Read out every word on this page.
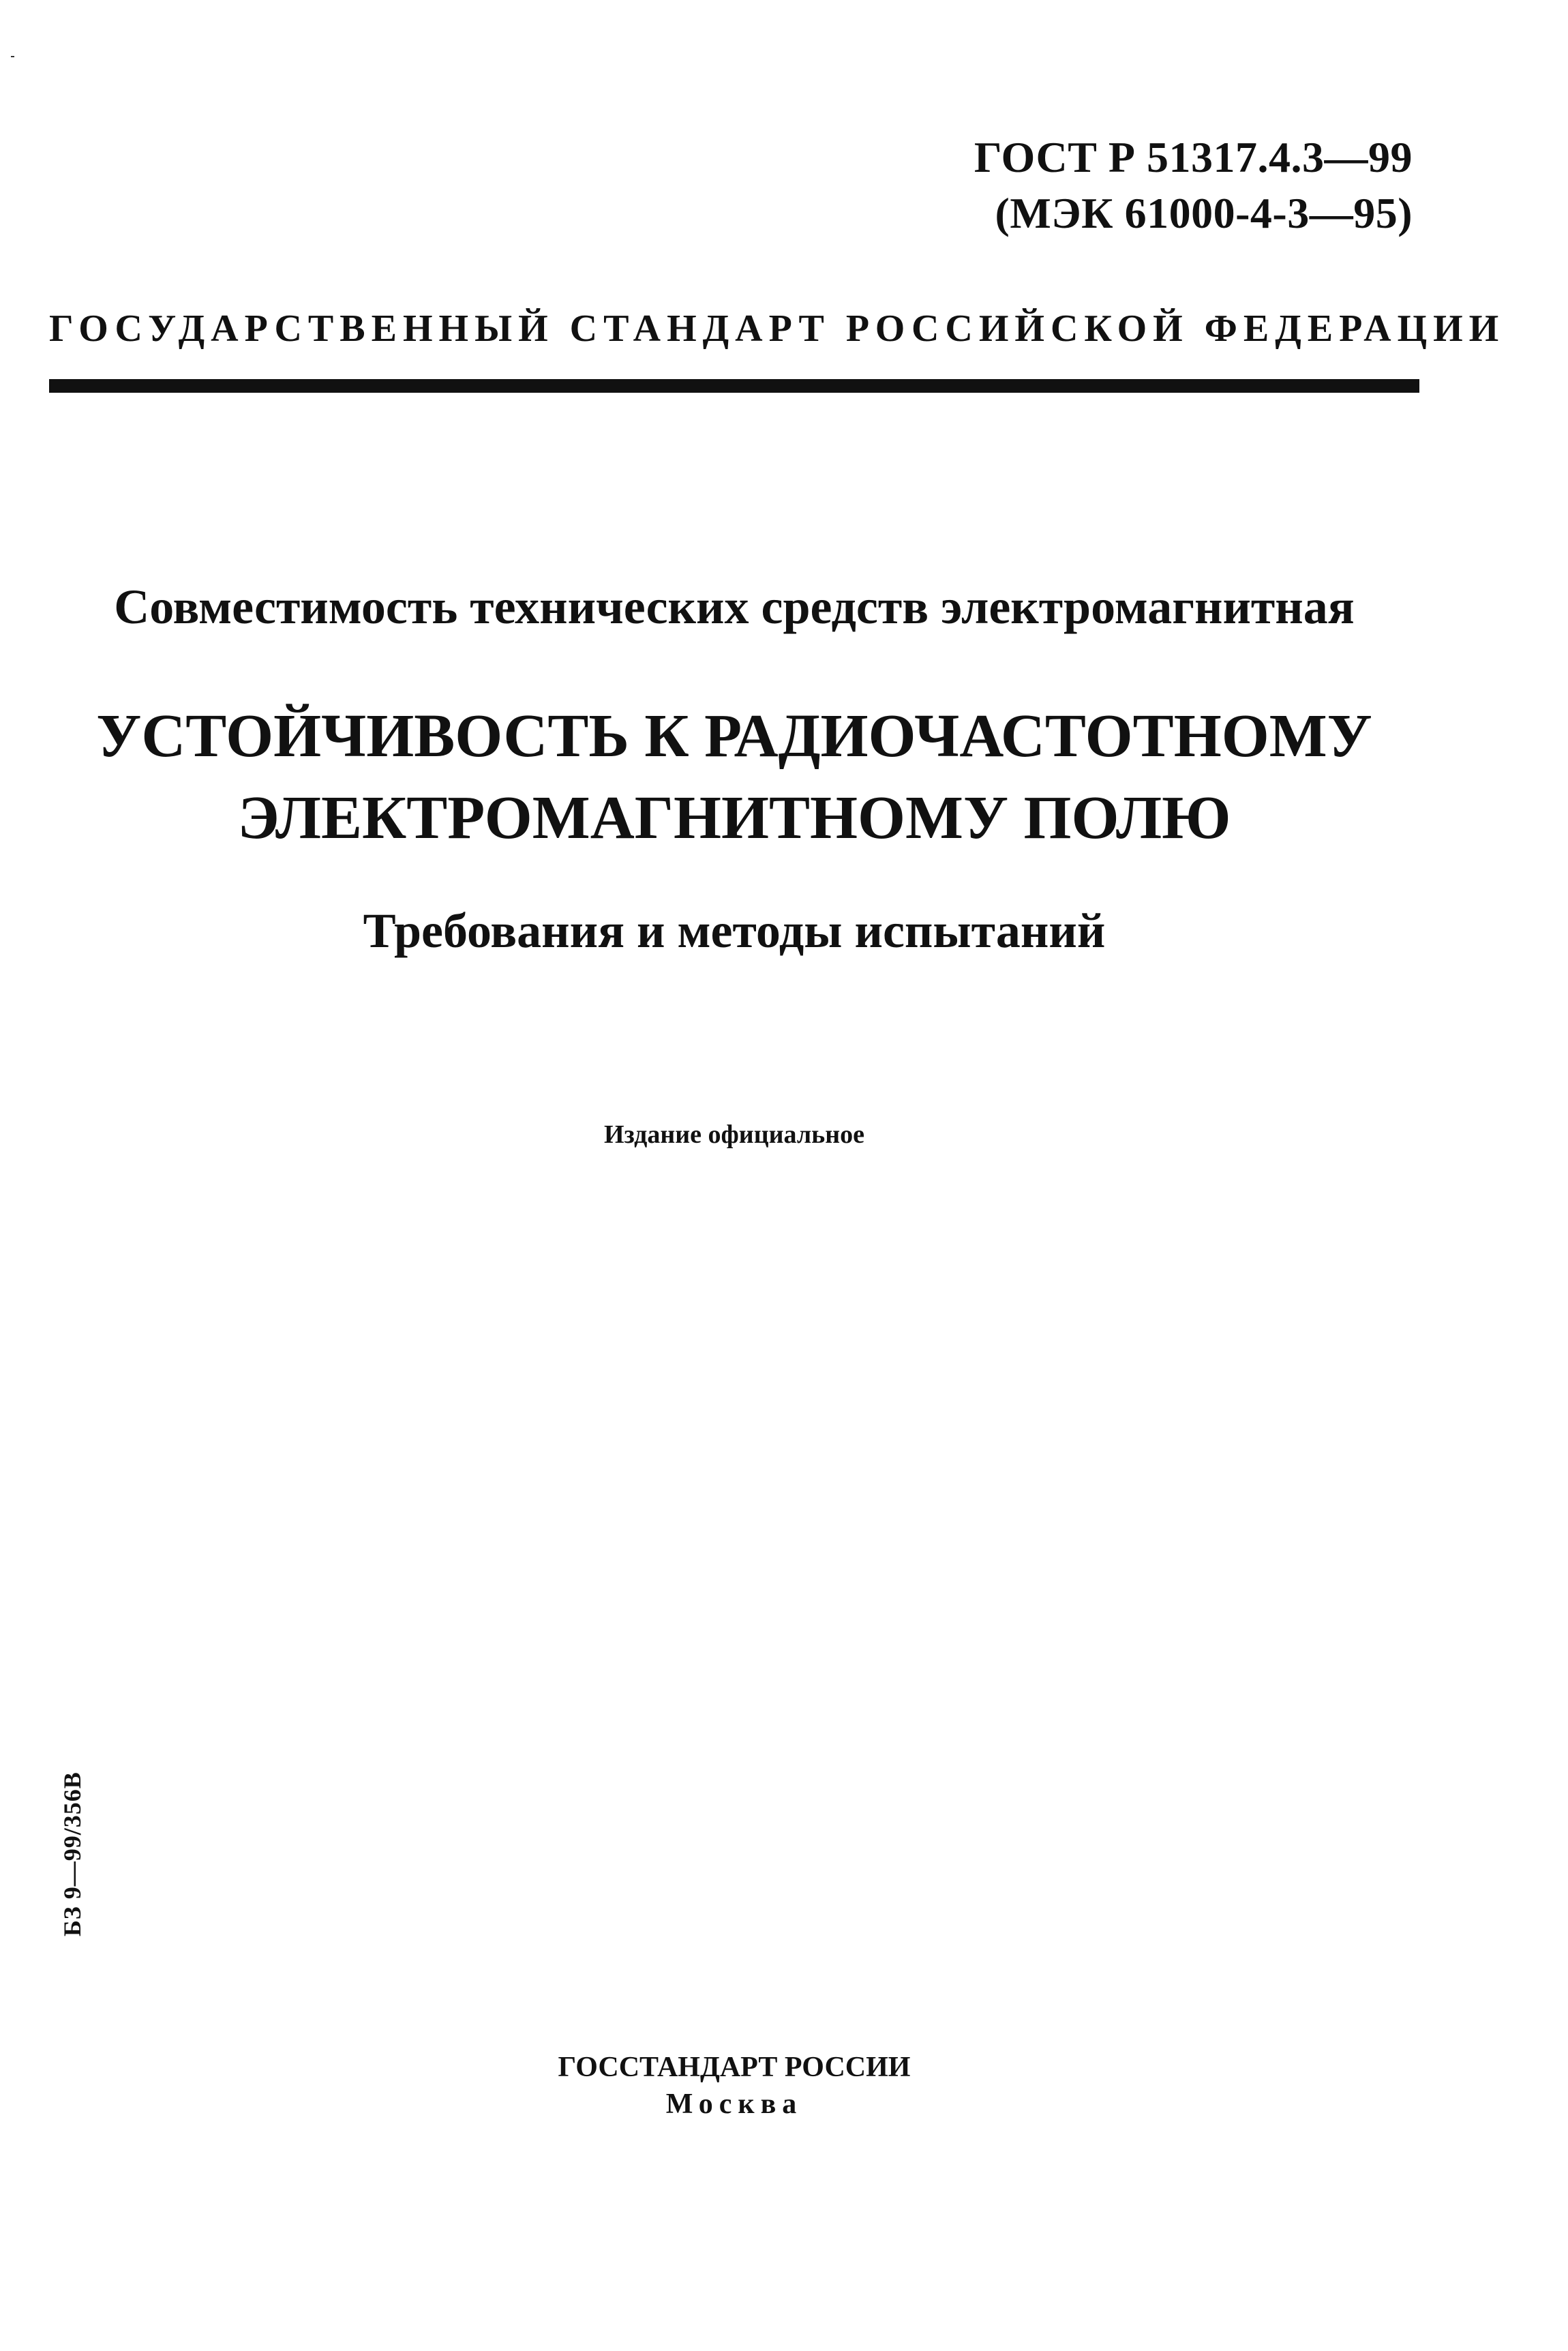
ГОСТ Р 51317.4.3—99
(МЭК 61000-4-3—95)
ГОСУДАРСТВЕННЫЙ СТАНДАРТ РОССИЙСКОЙ ФЕДЕРАЦИИ
Совместимость технических средств электромагнитная
УСТОЙЧИВОСТЬ К РАДИОЧАСТОТНОМУ
ЭЛЕКТРОМАГНИТНОМУ ПОЛЮ
Требования и методы испытаний
Издание официальное
БЗ 9—99/356В
ГОССТАНДАРТ РОССИИ
Москва
